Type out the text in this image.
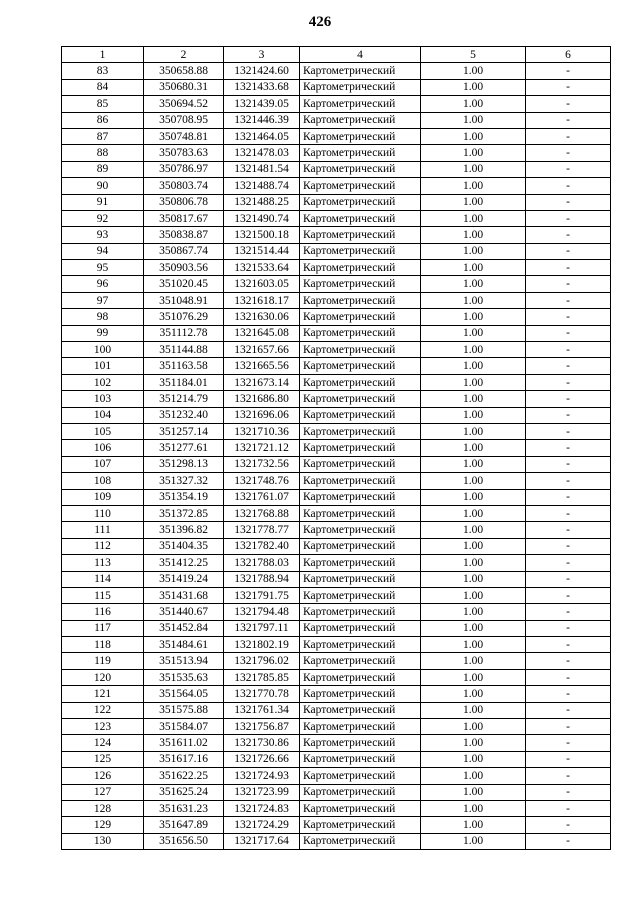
426
1	2	3	4	5	6
83	350658.88	1321424.60	Картометрический	1.00	-
84	350680.31	1321433.68	Картометрический	1.00	-
85	350694.52	1321439.05	Картометрический	1.00	-
86	350708.95	1321446.39	Картометрический	1.00	-
87	350748.81	1321464.05	Картометрический	1.00	-
88	350783.63	1321478.03	Картометрический	1.00	-
89	350786.97	1321481.54	Картометрический	1.00	-
90	350803.74	1321488.74	Картометрический	1.00	-
91	350806.78	1321488.25	Картометрический	1.00	-
92	350817.67	1321490.74	Картометрический	1.00	-
93	350838.87	1321500.18	Картометрический	1.00	-
94	350867.74	1321514.44	Картометрический	1.00	-
95	350903.56	1321533.64	Картометрический	1.00	-
96	351020.45	1321603.05	Картометрический	1.00	-
97	351048.91	1321618.17	Картометрический	1.00	-
98	351076.29	1321630.06	Картометрический	1.00	-
99	351112.78	1321645.08	Картометрический	1.00	-
100	351144.88	1321657.66	Картометрический	1.00	-
101	351163.58	1321665.56	Картометрический	1.00	-
102	351184.01	1321673.14	Картометрический	1.00	-
103	351214.79	1321686.80	Картометрический	1.00	-
104	351232.40	1321696.06	Картометрический	1.00	-
105	351257.14	1321710.36	Картометрический	1.00	-
106	351277.61	1321721.12	Картометрический	1.00	-
107	351298.13	1321732.56	Картометрический	1.00	-
108	351327.32	1321748.76	Картометрический	1.00	-
109	351354.19	1321761.07	Картометрический	1.00	-
110	351372.85	1321768.88	Картометрический	1.00	-
111	351396.82	1321778.77	Картометрический	1.00	-
112	351404.35	1321782.40	Картометрический	1.00	-
113	351412.25	1321788.03	Картометрический	1.00	-
114	351419.24	1321788.94	Картометрический	1.00	-
115	351431.68	1321791.75	Картометрический	1.00	-
116	351440.67	1321794.48	Картометрический	1.00	-
117	351452.84	1321797.11	Картометрический	1.00	-
118	351484.61	1321802.19	Картометрический	1.00	-
119	351513.94	1321796.02	Картометрический	1.00	-
120	351535.63	1321785.85	Картометрический	1.00	-
121	351564.05	1321770.78	Картометрический	1.00	-
122	351575.88	1321761.34	Картометрический	1.00	-
123	351584.07	1321756.87	Картометрический	1.00	-
124	351611.02	1321730.86	Картометрический	1.00	-
125	351617.16	1321726.66	Картометрический	1.00	-
126	351622.25	1321724.93	Картометрический	1.00	-
127	351625.24	1321723.99	Картометрический	1.00	-
128	351631.23	1321724.83	Картометрический	1.00	-
129	351647.89	1321724.29	Картометрический	1.00	-
130	351656.50	1321717.64	Картометрический	1.00	-
